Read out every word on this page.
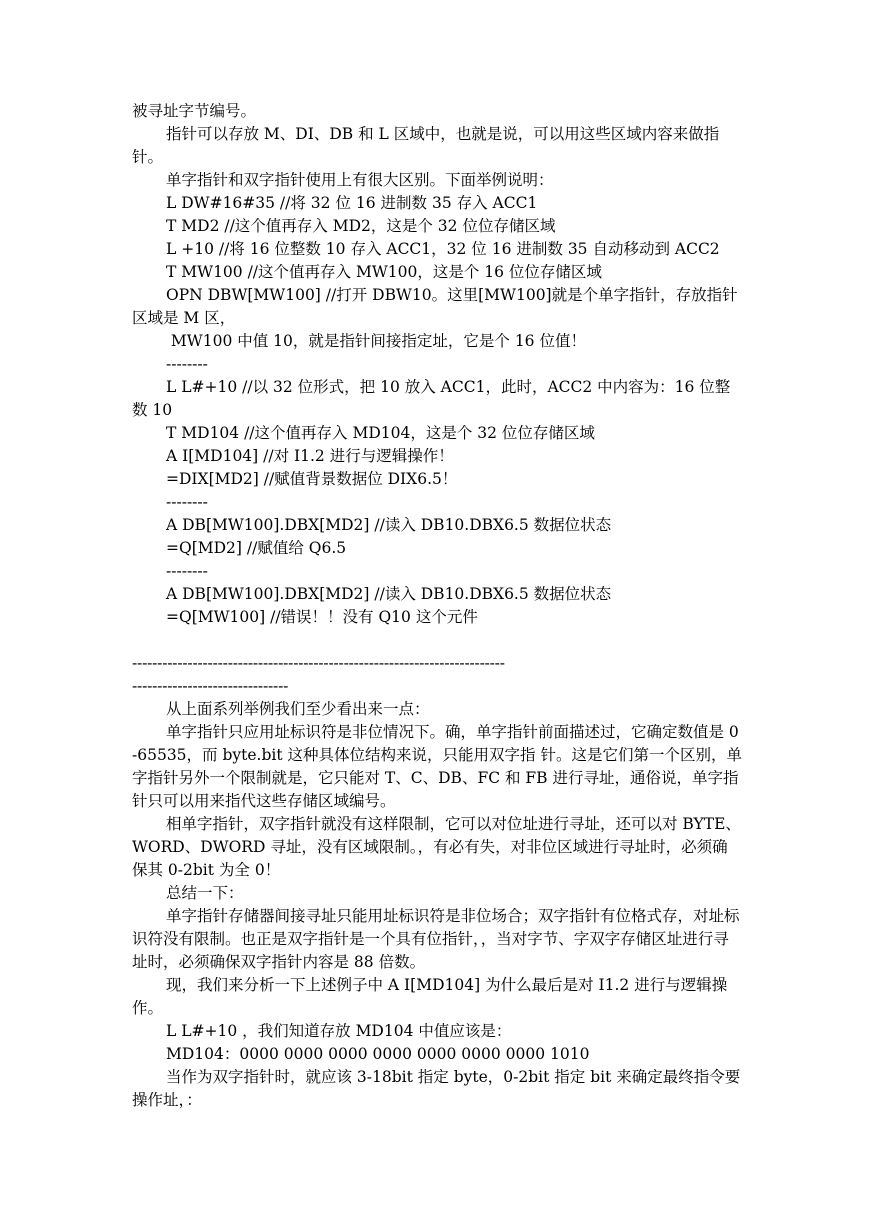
被寻址字节编号。

指针可以存放 M、DI、DB 和 L 区域中，也就是说，可以用这些区域内容来做指针。

单字指针和双字指针使用上有很大区别。下面举例说明：

L DW#16#35 //将 32 位 16 进制数 35 存入 ACC1

T MD2 //这个值再存入 MD2，这是个 32 位位存储区域

L +10 //将 16 位整数 10 存入 ACC1，32 位 16 进制数 35 自动移动到 ACC2

T MW100 //这个值再存入 MW100，这是个 16 位位存储区域

OPN DBW[MW100] //打开 DBW10。这里[MW100]就是个单字指针，存放指针区域是 M 区，

MW100 中值 10，就是指针间接指定址，它是个 16 位值！

--------

L L#+10 //以 32 位形式，把 10 放入 ACC1，此时，ACC2 中内容为：16 位整数 10

T MD104 //这个值再存入 MD104，这是个 32 位位存储区域

A I[MD104] //对 I1.2 进行与逻辑操作！

=DIX[MD2] //赋值背景数据位 DIX6.5！

--------

A DB[MW100].DBX[MD2] //读入 DB10.DBX6.5 数据位状态

=Q[MD2] //赋值给 Q6.5

--------

A DB[MW100].DBX[MD2] //读入 DB10.DBX6.5 数据位状态

=Q[MW100] //错误！！没有 Q10 这个元件

--------------------------------------------------------------------------

-------------------------------

从上面系列举例我们至少看出来一点：

单字指针只应用址标识符是非位情况下。确，单字指针前面描述过，它确定数值是 0-65535，而 byte.bit 这种具体位结构来说，只能用双字指 针。这是它们第一个区别，单字指针另外一个限制就是，它只能对 T、C、DB、FC 和 FB 进行寻址，通俗说，单字指针只可以用来指代这些存储区域编号。

相单字指针，双字指针就没有这样限制，它可以对位址进行寻址，还可以对 BYTE、WORD、DWORD 寻址，没有区域限制。，有必有失，对非位区域进行寻址时，必须确保其 0-2bit 为全 0！

总结一下：

单字指针存储器间接寻址只能用址标识符是非位场合；双字指针有位格式存，对址标识符没有限制。也正是双字指针是一个具有位指针，，当对字节、字双字存储区址进行寻址时，必须确保双字指针内容是 88 倍数。

现，我们来分析一下上述例子中 A I[MD104] 为什么最后是对 I1.2 进行与逻辑操作。

L L#+10 ，我们知道存放 MD104 中值应该是：

MD104：0000 0000 0000 0000 0000 0000 0000 1010

当作为双字指针时，就应该 3-18bit 指定 byte，0-2bit 指定 bit 来确定最终指令要操作址，：
